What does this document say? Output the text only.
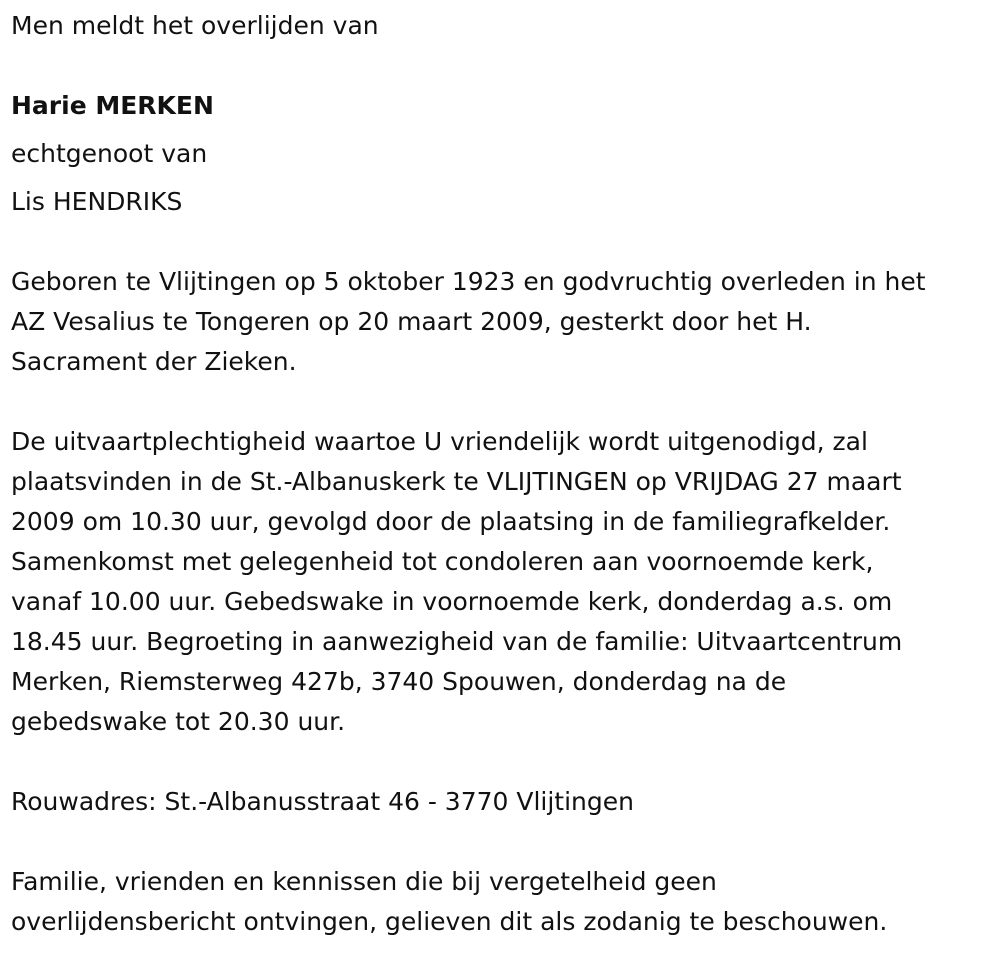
Men meldt het overlijden van
Harie MERKEN
echtgenoot van
Lis HENDRIKS
Geboren te Vlijtingen op 5 oktober 1923 en godvruchtig overleden in het
AZ Vesalius te Tongeren op 20 maart 2009, gesterkt door het H.
Sacrament der Zieken.
De uitvaartplechtigheid waartoe U vriendelijk wordt uitgenodigd, zal
plaatsvinden in de St.-Albanuskerk te VLIJTINGEN op VRIJDAG 27 maart
2009 om 10.30 uur, gevolgd door de plaatsing in de familiegrafkelder.
Samenkomst met gelegenheid tot condoleren aan voornoemde kerk,
vanaf 10.00 uur. Gebedswake in voornoemde kerk, donderdag a.s. om
18.45 uur. Begroeting in aanwezigheid van de familie: Uitvaartcentrum
Merken, Riemsterweg 427b, 3740 Spouwen, donderdag na de
gebedswake tot 20.30 uur.
Rouwadres: St.-Albanusstraat 46 - 3770 Vlijtingen
Familie, vrienden en kennissen die bij vergetelheid geen
overlijdensbericht ontvingen, gelieven dit als zodanig te beschouwen.
